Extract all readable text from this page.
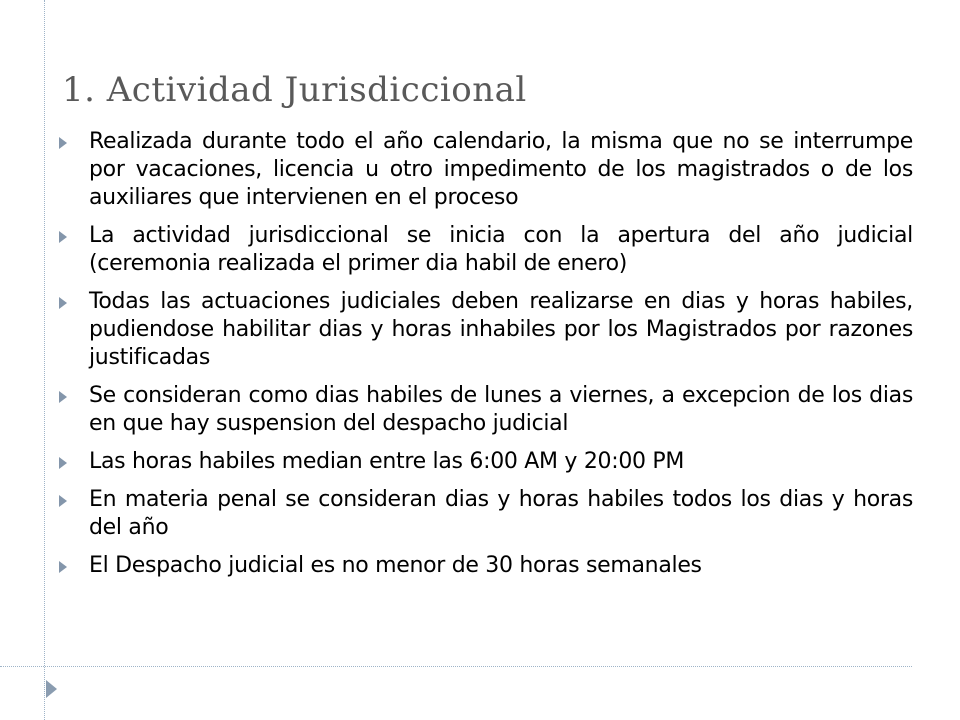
1. Actividad Jurisdiccional
Realizada durante todo el año calendario, la misma que no se interrumpe por vacaciones, licencia u otro impedimento de los magistrados o de los auxiliares que intervienen en el proceso
La actividad jurisdiccional se inicia con la apertura del año judicial (ceremonia realizada el primer dia habil de enero)
Todas las actuaciones judiciales deben realizarse en dias y horas habiles, pudiendose habilitar dias y horas inhabiles por los Magistrados por razones justificadas
Se consideran como dias habiles de lunes a viernes, a excepcion de los dias en que hay suspension del despacho judicial
Las horas habiles median entre las 6:00 AM y 20:00 PM
En materia penal se consideran dias y horas habiles todos los dias y horas del año
El Despacho judicial es no menor de 30 horas semanales
